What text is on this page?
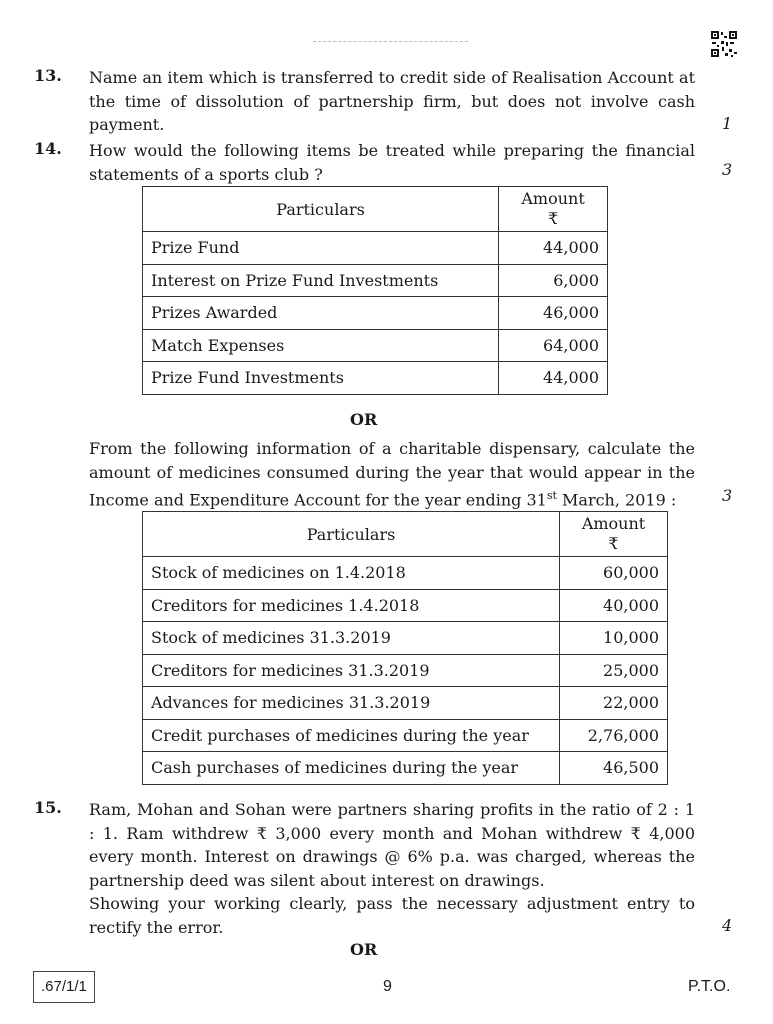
13. Name an item which is transferred to credit side of Realisation Account at the time of dissolution of partnership firm, but does not involve cash payment.	1
14. How would the following items be treated while preparing the financial statements of a sports club ?	3
Particulars	Amount
₹
Prize Fund	44,000
Interest on Prize Fund Investments	6,000
Prizes Awarded	46,000
Match Expenses	64,000
Prize Fund Investments	44,000
OR
From the following information of a charitable dispensary, calculate the amount of medicines consumed during the year that would appear in the Income and Expenditure Account for the year ending 31st March, 2019 :	3
Particulars	Amount
₹
Stock of medicines on 1.4.2018	60,000
Creditors for medicines 1.4.2018	40,000
Stock of medicines 31.3.2019	10,000
Creditors for medicines 31.3.2019	25,000
Advances for medicines 31.3.2019	22,000
Credit purchases of medicines during the year	2,76,000
Cash purchases of medicines during the year	46,500
15. Ram, Mohan and Sohan were partners sharing profits in the ratio of 2 : 1 : 1. Ram withdrew ₹ 3,000 every month and Mohan withdrew ₹ 4,000 every month. Interest on drawings @ 6% p.a. was charged, whereas the partnership deed was silent about interest on drawings.
Showing your working clearly, pass the necessary adjustment entry to rectify the error.	4
OR
.67/1/1	9	P.T.O.
